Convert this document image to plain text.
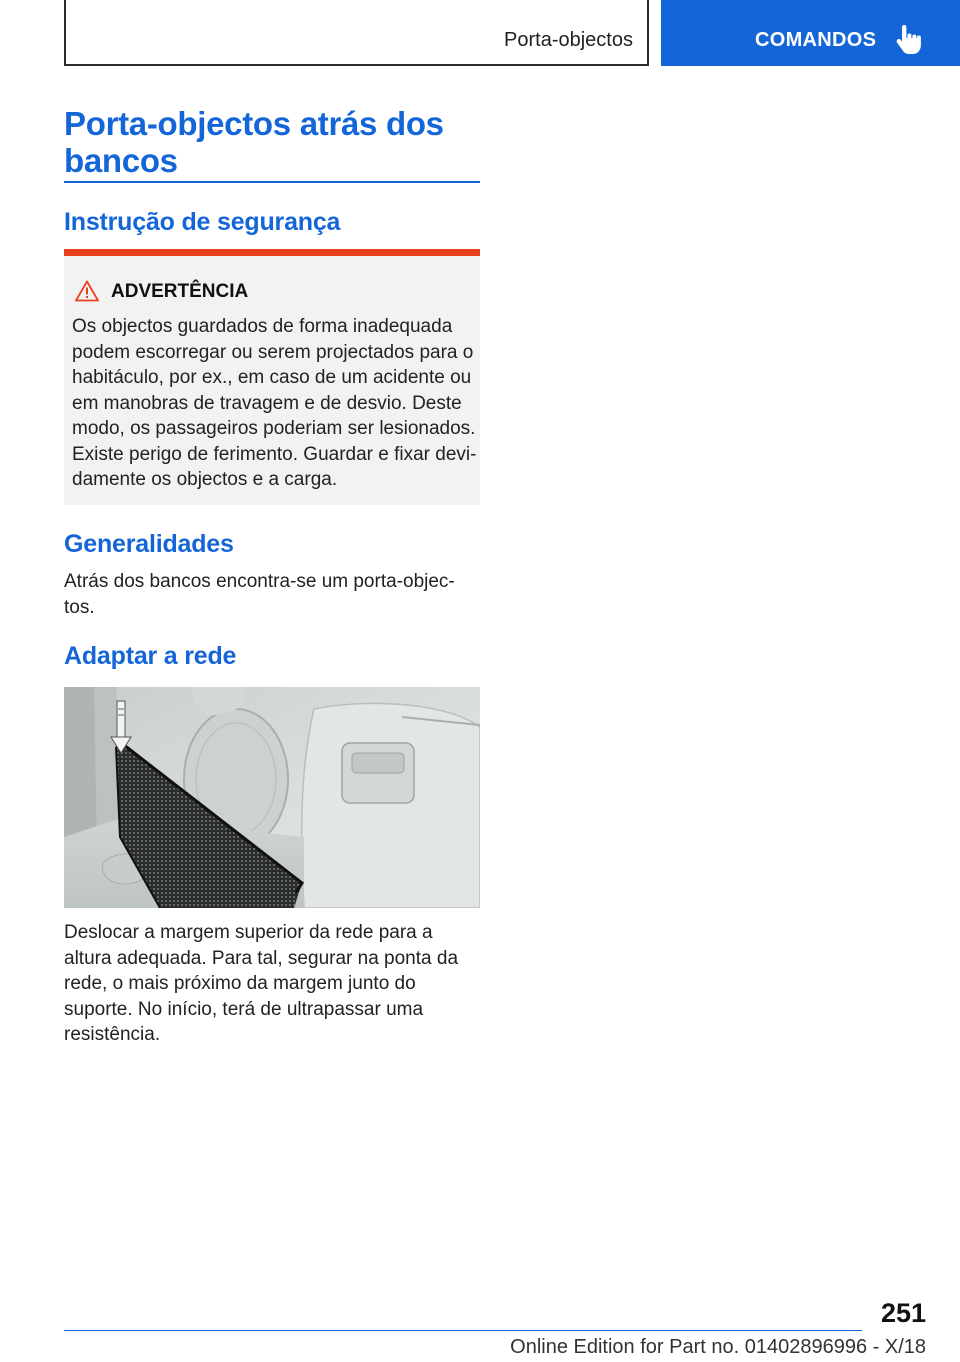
Porta-objectos	COMANDOS
Porta-objectos atrás dos bancos
Instrução de segurança
ADVERTÊNCIA

Os objectos guardados de forma inadequada podem escorregar ou serem projectados para o habitáculo, por ex., em caso de um acidente ou em manobras de travagem e de desvio. Deste modo, os passageiros poderiam ser lesionados. Existe perigo de ferimento. Guardar e fixar devi-damente os objectos e a carga.

Generalidades

Atrás dos bancos encontra-se um porta-objec-tos.

Adaptar a rede

Deslocar a margem superior da rede para a altura adequada. Para tal, segurar na ponta da rede, o mais próximo da margem junto do suporte. No início, terá de ultrapassar uma resistência.

251
Online Edition for Part no. 01402896996 - X/18
